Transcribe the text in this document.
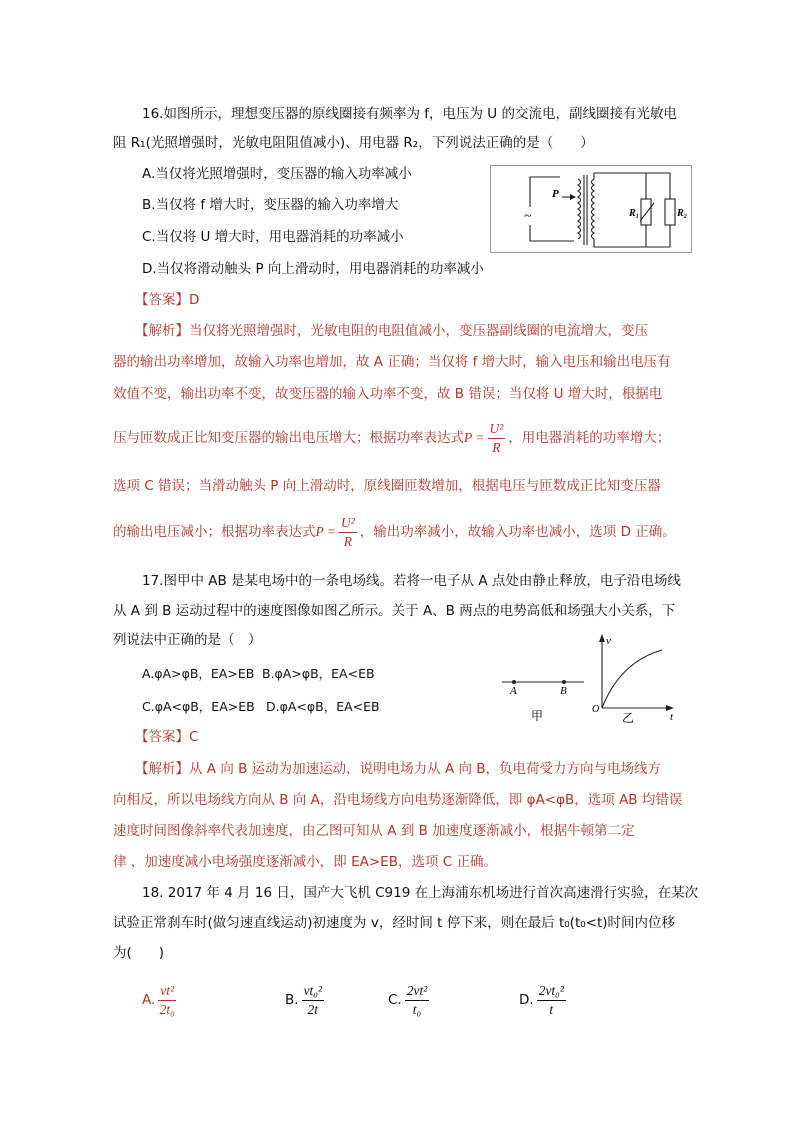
16.如图所示，理想变压器的原线圈接有频率为 f，电压为 U 的交流电，副线圈接有光敏电
阻 R₁(光照增强时，光敏电阻阻值减小)、用电器 R₂，下列说法正确的是（　　）
A.当仅将光照增强时，变压器的输入功率减小
B.当仅将 f 增大时，变压器的输入功率增大
C.当仅将 U 增大时，用电器消耗的功率减小
D.当仅将滑动触头 P 向上滑动时，用电器消耗的功率减小
P
~	R₁	R₂
【答案】D
【解析】当仅将光照增强时，光敏电阻的电阻值减小，变压器副线圈的电流增大，变压
器的输出功率增加，故输入功率也增加，故 A 正确；当仅将 f 增大时，输入电压和输出电压有
效值不变，输出功率不变，故变压器的输入功率不变，故 B 错误；当仅将 U 增大时，根据电
压与匝数成正比知变压器的输出电压增大；根据功率表达式$P = \frac{\text{U²}}{R}$ ，用电器消耗的功率增大；
选项 C 错误；当滑动触头 P 向上滑动时，原线圈匝数增加，根据电压与匝数成正比知变压器
的输出电压减小；根据功率表达式$P = \frac{\text{U²}}{R}$ ，输出功率减小，故输入功率也减小，选项 D 正确。
17.图甲中 AB 是某电场中的一条电场线。若将一电子从 A 点处由静止释放，电子沿电场线
从 A 到 B 运动过程中的速度图像如图乙所示。关于 A、B 两点的电势高低和场强大小关系，下
列说法中正确的是（　）
A.φA>φB，EA>EB B.φA>φB，EA<EB
C.φA<φB，EA>EB D.φA<φB，EA<EB
A	B
甲
v
t
O
乙
【答案】C
【解析】从 A 向 B 运动为加速运动，说明电场力从 A 向 B，负电荷受力方向与电场线方
向相反，所以电场线方向从 B 向 A，沿电场线方向电势逐渐降低，即 φA<φB，选项 AB 均错误
速度时间图像斜率代表加速度，由乙图可知从 A 到 B 加速度逐渐减小，根据牛顿第二定
律 ，加速度减小电场强度逐渐减小，即 EA>EB，选项 C 正确。
18. 2017 年 4 月 16 日，国产大飞机 C919 在上海浦东机场进行首次高速滑行实验，在某次
试验正常刹车时(做匀速直线运动)初速度为 v，经时间 t 停下来，则在最后 t₀(t₀<t)时间内位移
为(　　)
A. $\frac{\text{vt²}}{\text{2t₀}}$	B. $\frac{\text{vt₀²}}{2t}$	C. $\frac{\text{2vt²}}{\text{t₀}}$	D. $\frac{\text{2vt₀²}}{t}$
